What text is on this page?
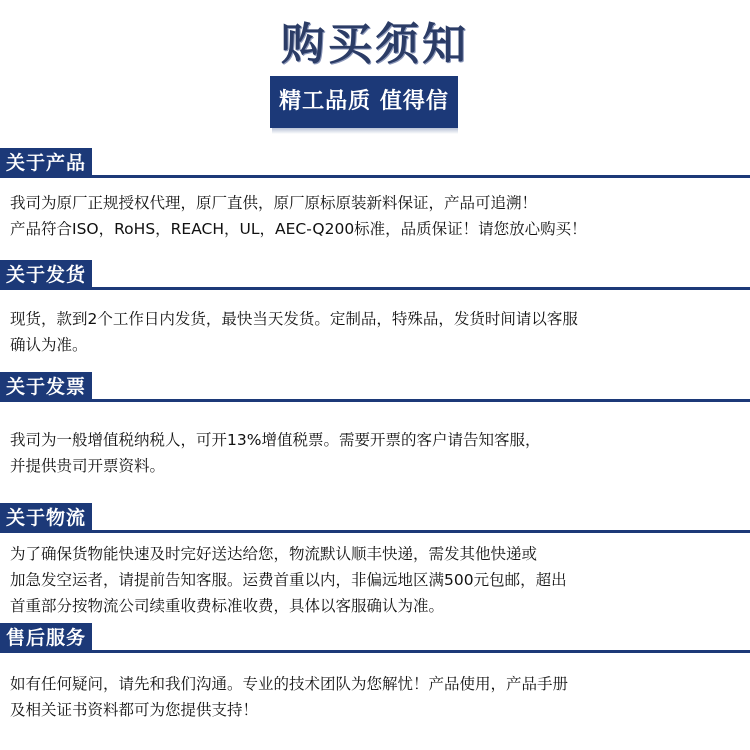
购买须知
精工品质 值得信赖
关于产品
我司为原厂正规授权代理，原厂直供，原厂原标原装新料保证，产品可追溯！
产品符合ISO，RoHS，REACH，UL，AEC-Q200标准，品质保证！请您放心购买！
关于发货
现货，款到2个工作日内发货，最快当天发货。定制品，特殊品，发货时间请以客服
确认为准。
关于发票
我司为一般增值税纳税人，可开13%增值税票。需要开票的客户请告知客服，
并提供贵司开票资料。
关于物流
为了确保货物能快速及时完好送达给您，物流默认顺丰快递，需发其他快递或
加急发空运者，请提前告知客服。运费首重以内，非偏远地区满500元包邮，超出
首重部分按物流公司续重收费标准收费，具体以客服确认为准。
售后服务
如有任何疑问，请先和我们沟通。专业的技术团队为您解忧！产品使用，产品手册
及相关证书资料都可为您提供支持！
